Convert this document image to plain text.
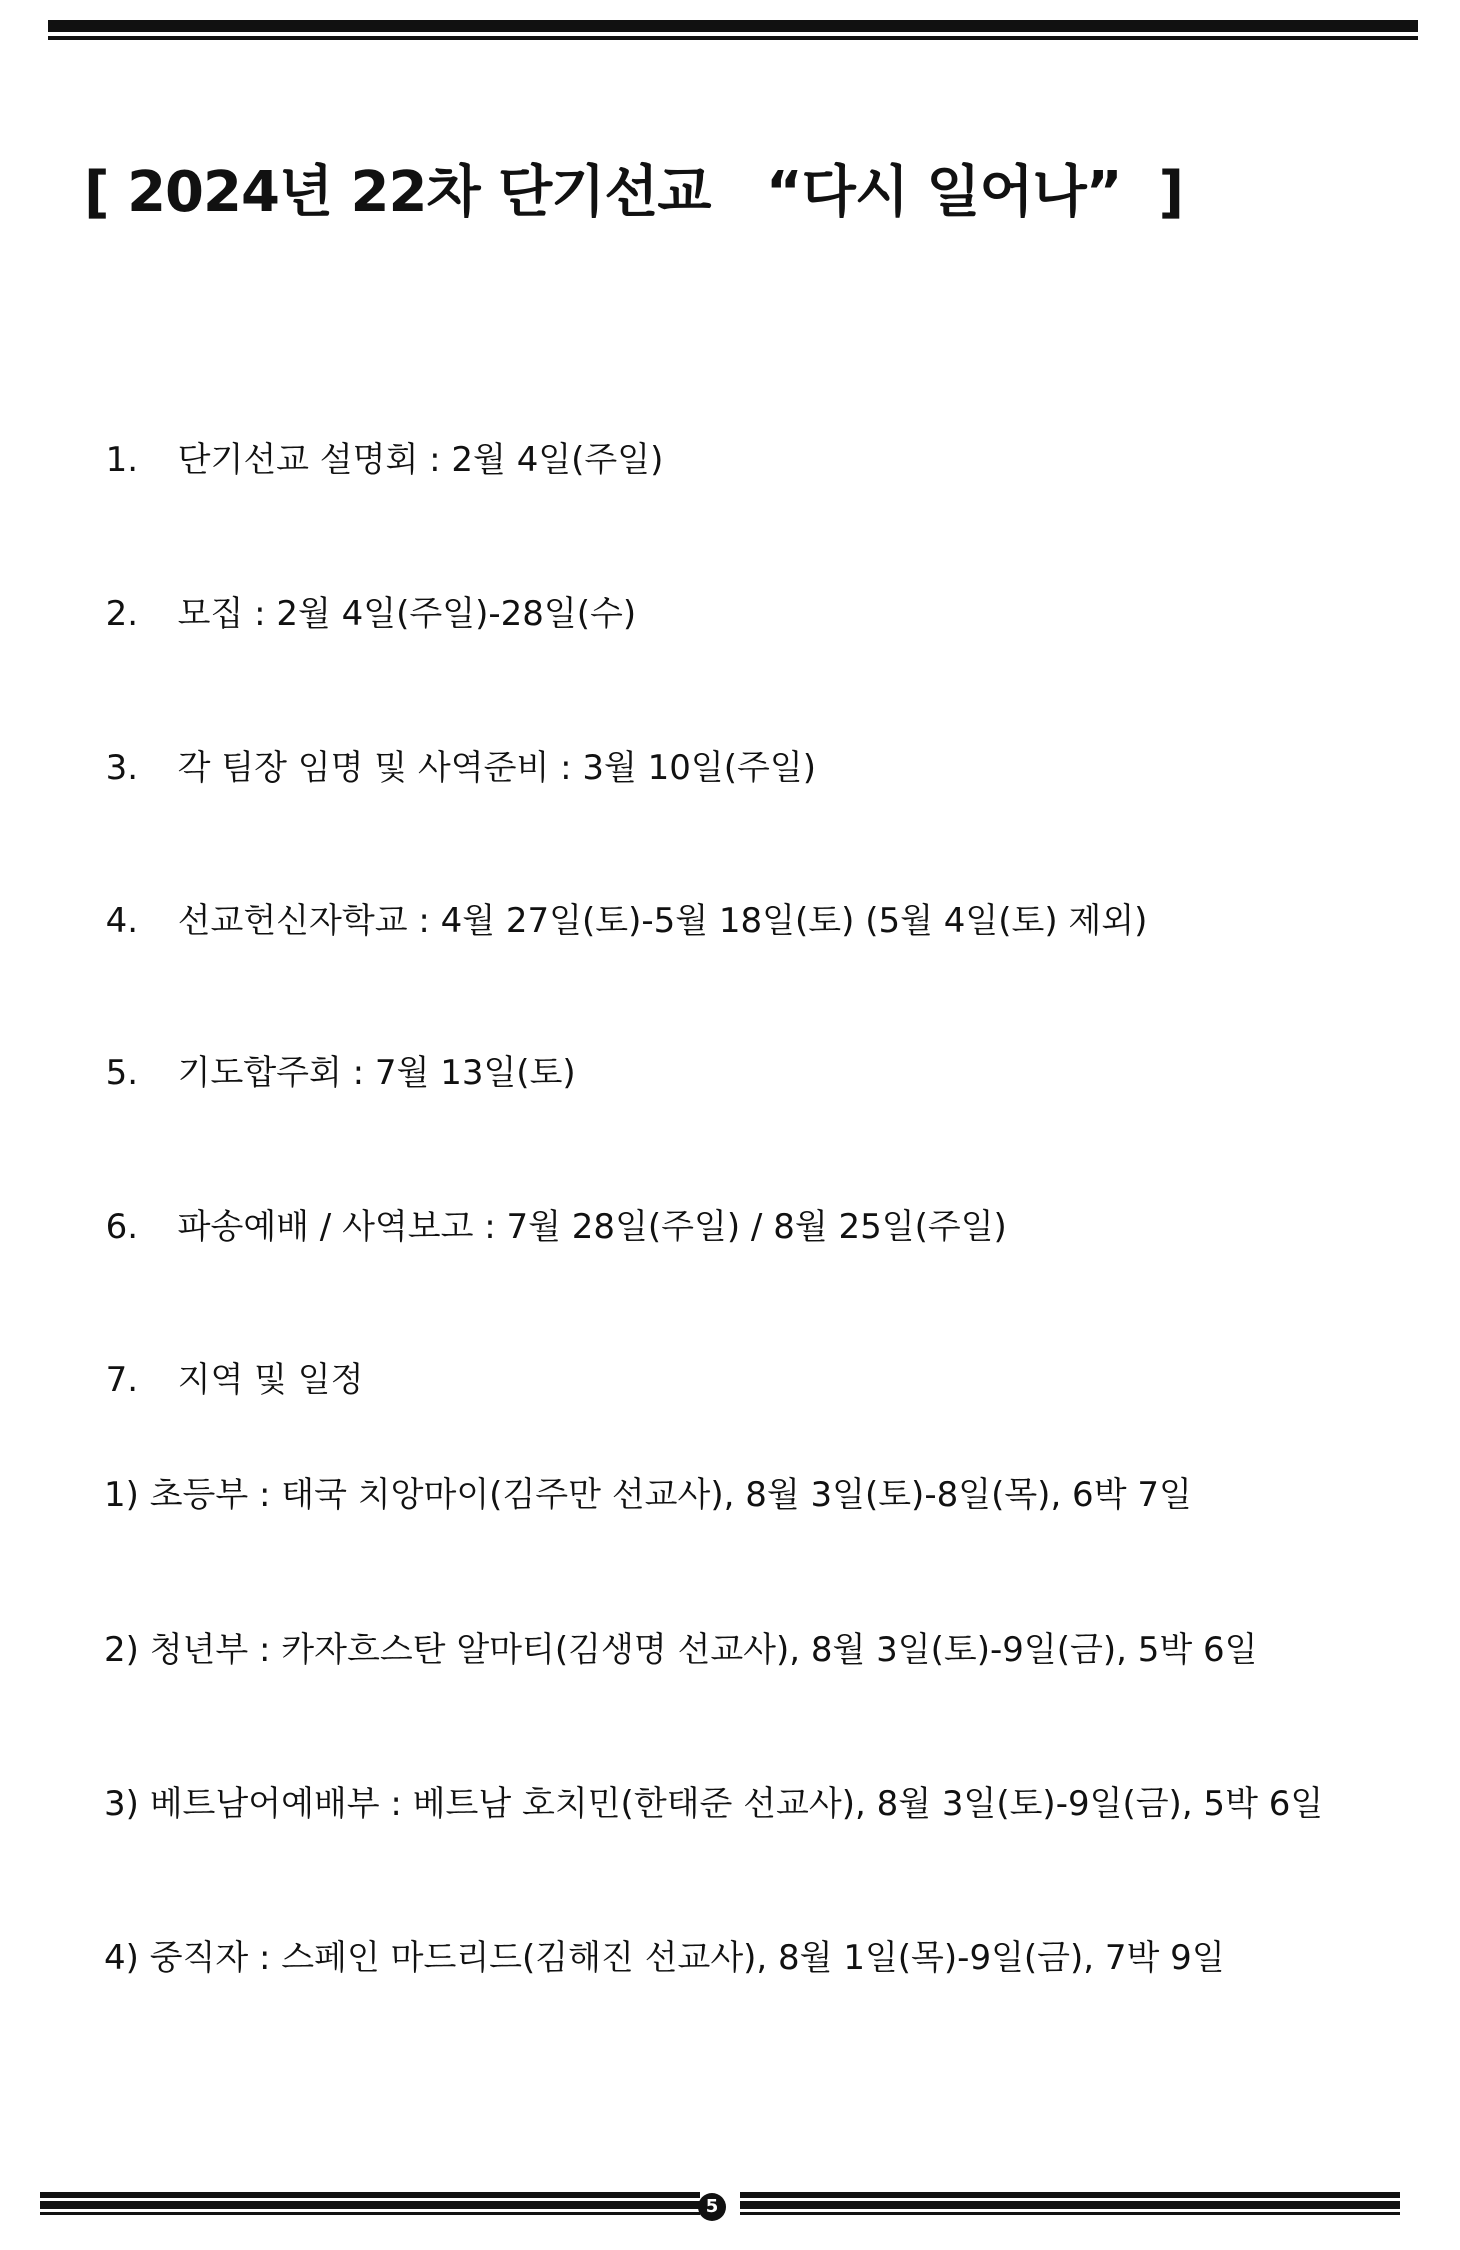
[ 2024년 22차 단기선교   “다시 일어나”  ]

1. 단기선교 설명회 : 2월 4일(주일)

2. 모집 : 2월 4일(주일)-28일(수)

3. 각 팀장 임명 및 사역준비 : 3월 10일(주일)

4. 선교헌신자학교 : 4월 27일(토)-5월 18일(토) (5월 4일(토) 제외)

5. 기도합주회 : 7월 13일(토)

6. 파송예배 / 사역보고 : 7월 28일(주일) / 8월 25일(주일)

7. 지역 및 일정

1) 초등부 : 태국 치앙마이(김주만 선교사), 8월 3일(토)-8일(목), 6박 7일
2) 청년부 : 카자흐스탄 알마티(김생명 선교사), 8월 3일(토)-9일(금), 5박 6일
3) 베트남어예배부 : 베트남 호치민(한태준 선교사), 8월 3일(토)-9일(금), 5박 6일
4) 중직자 : 스페인 마드리드(김해진 선교사), 8월 1일(목)-9일(금), 7박 9일
5
